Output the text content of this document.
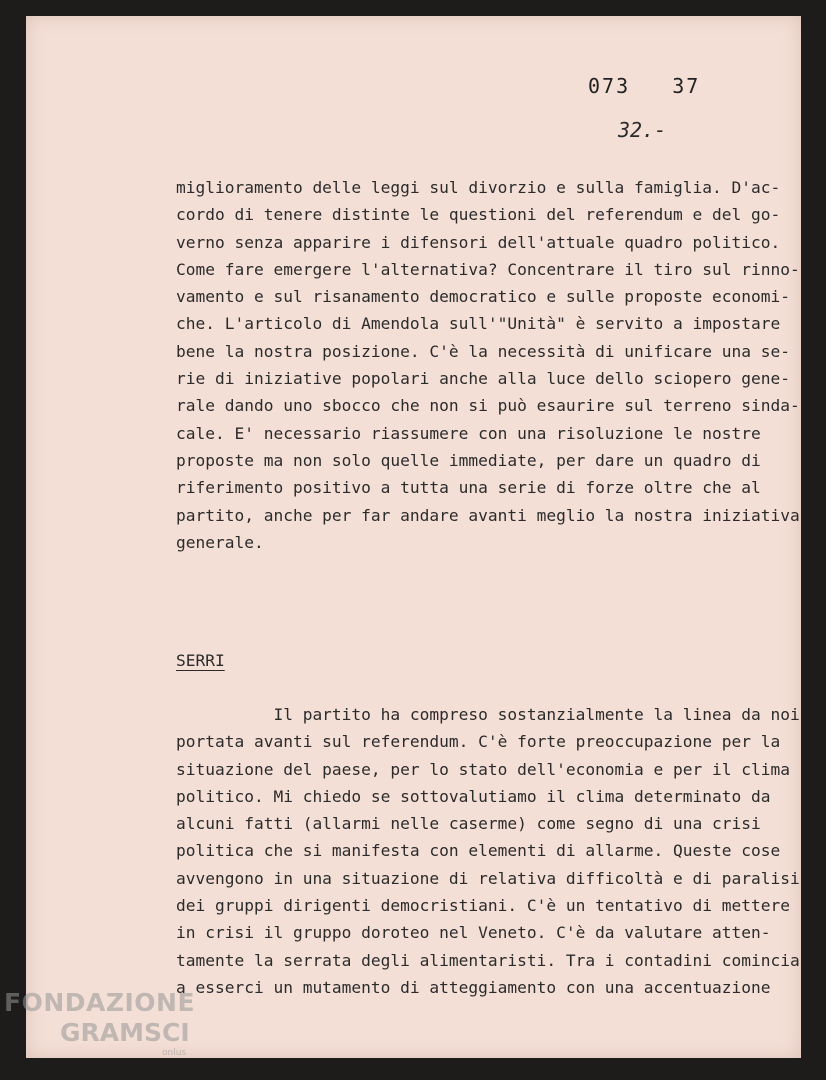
073   37
32.-
miglioramento delle leggi sul divorzio e sulla famiglia. D'ac-
cordo di tenere distinte le questioni del referendum e del go-
verno senza apparire i difensori dell'attuale quadro politico.
Come fare emergere l'alternativa? Concentrare il tiro sul rinno-
vamento e sul risanamento democratico e sulle proposte economi-
che. L'articolo di Amendola sull'"Unità" è servito a impostare
bene la nostra posizione. C'è la necessità di unificare una se-
rie di iniziative popolari anche alla luce dello sciopero gene-
rale dando uno sbocco che non si può esaurire sul terreno sinda-
cale. E' necessario riassumere con una risoluzione le nostre
proposte ma non solo quelle immediate, per dare un quadro di
riferimento positivo a tutta una serie di forze oltre che al
partito, anche per far andare avanti meglio la nostra iniziativa
generale.
SERRI
Il partito ha compreso sostanzialmente la linea da noi
portata avanti sul referendum. C'è forte preoccupazione per la
situazione del paese, per lo stato dell'economia e per il clima
politico. Mi chiedo se sottovalutiamo il clima determinato da
alcuni fatti (allarmi nelle caserme) come segno di una crisi
politica che si manifesta con elementi di allarme. Queste cose
avvengono in una situazione di relativa difficoltà e di paralisi
dei gruppi dirigenti democristiani. C'è un tentativo di mettere
in crisi il gruppo doroteo nel Veneto. C'è da valutare atten-
tamente la serrata degli alimentaristi. Tra i contadini comincia
a esserci un mutamento di atteggiamento con una accentuazione
FONDAZIONE
GRAMSCI
onlus
